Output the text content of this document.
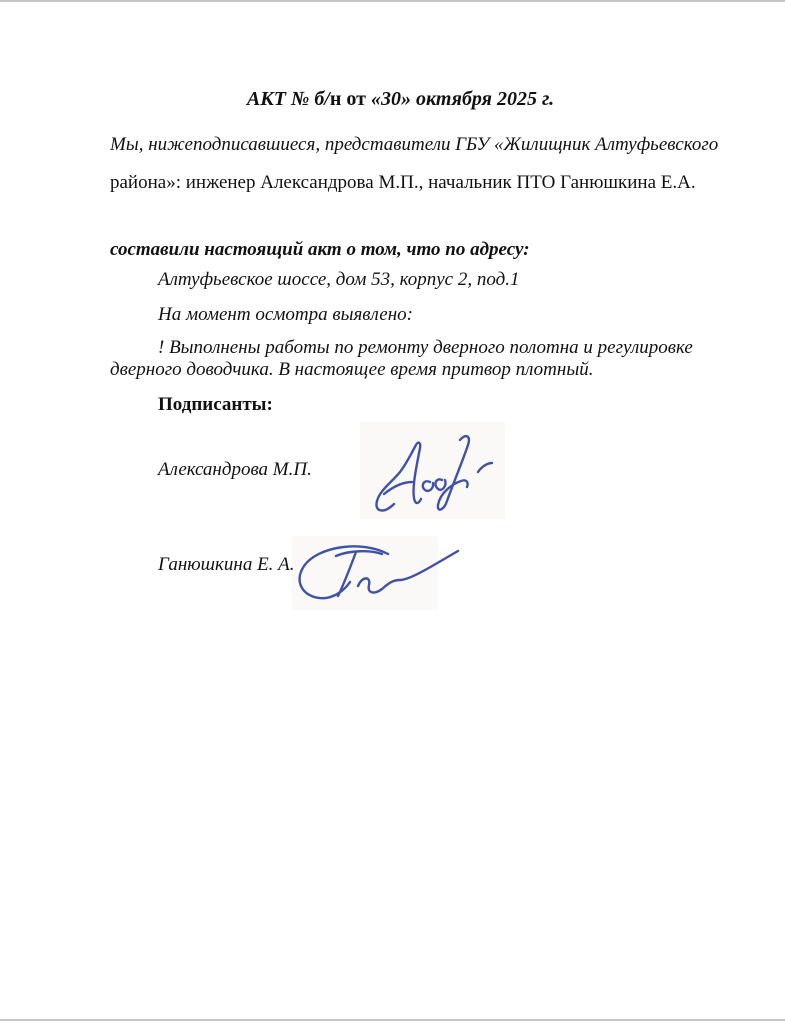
АКТ № б/н от «30» октября 2025 г.
Мы, нижеподписавшиеся, представители ГБУ «Жилищник Алтуфьевского
района»: инженер Александрова М.П., начальник ПТО Ганюшкина Е.А.
составили настоящий акт о том, что по адресу:
Алтуфьевское шоссе, дом 53, корпус 2, под.1
На момент осмотра выявлено:
! Выполнены работы по ремонту дверного полотна и регулировке дверного доводчика. В настоящее время притвор плотный.
Подписанты:
Александрова М.П.
Ганюшкина Е. А.
